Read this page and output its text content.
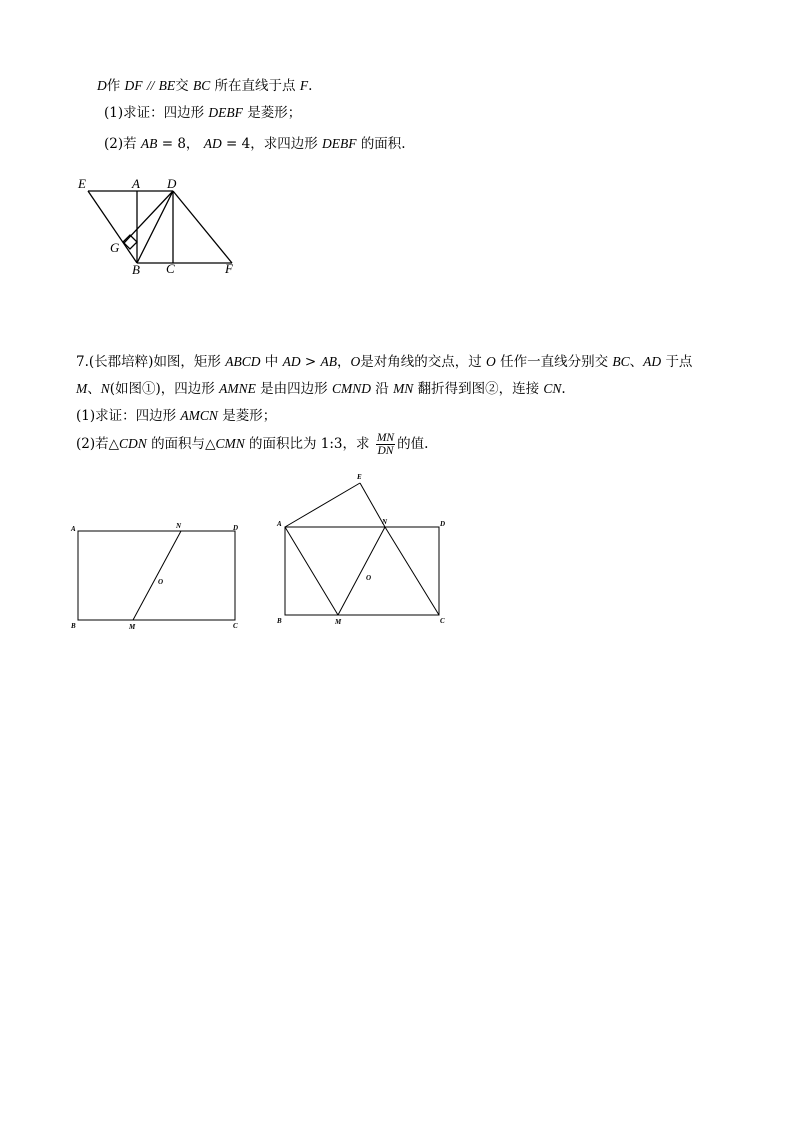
D作 DF // BE交 BC 所在直线于点 F.
(1)求证：四边形 DEBF 是菱形；
(2)若 AB = 8， AD = 4，求四边形 DEBF 的面积.
E	A D
G
B C	F
7.(长郡培粹)如图，矩形 ABCD 中 AD > AB，O是对角线的交点，过 O 任作一直线分别交 BC、AD 于点
M、N(如图①)，四边形 AMNE 是由四边形 CMND 沿 MN 翻折得到图②，连接 CN.
(1)求证：四边形 AMCN 是菱形；
(2)若△CDN 的面积与△CMN 的面积比为 1:3，求 $\frac{MN}{DN}$ 的值.
A	N	D
O
B	M	C
E
A	N	D
O
B	M	C
